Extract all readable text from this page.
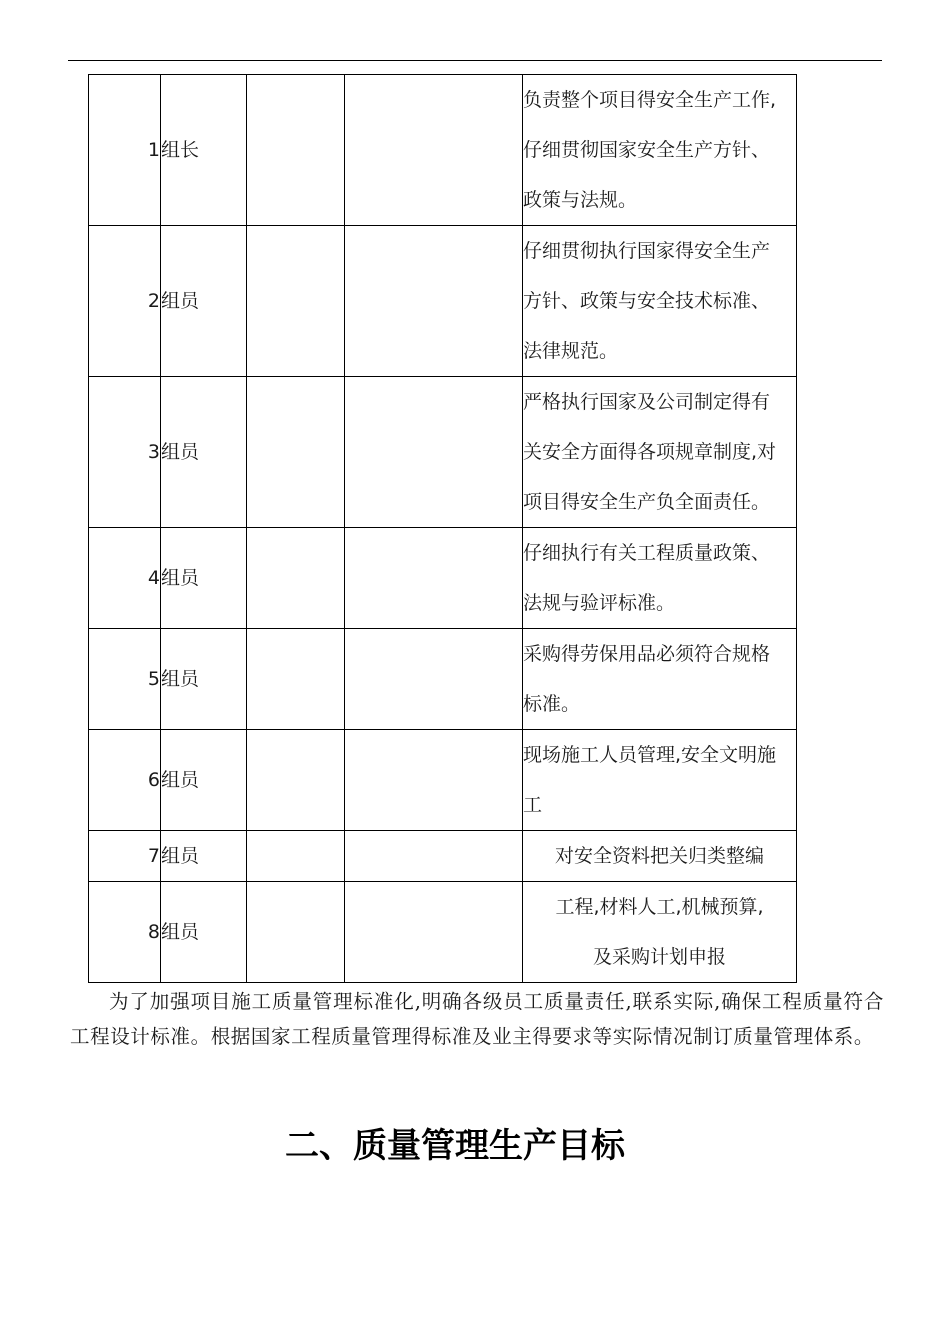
1	组长			负责整个项目得安全生产工作,
仔细贯彻国家安全生产方针、
政策与法规。

2	组员			仔细贯彻执行国家得安全生产
方针、政策与安全技术标准、
法律规范。

3	组员			严格执行国家及公司制定得有
关安全方面得各项规章制度,对
项目得安全生产负全面责任。

4	组员			仔细执行有关工程质量政策、
法规与验评标准。

5	组员			采购得劳保用品必须符合规格
标准。

6	组员			现场施工人员管理,安全文明施
工

7	组员			对安全资料把关归类整编

8	组员			工程,材料人工,机械预算,
及采购计划申报

为了加强项目施工质量管理标准化,明确各级员工质量责任,联系实际,确保工程质量符合工程设计标准。根据国家工程质量管理得标准及业主得要求等实际情况制订质量管理体系。

二、质量管理生产目标
